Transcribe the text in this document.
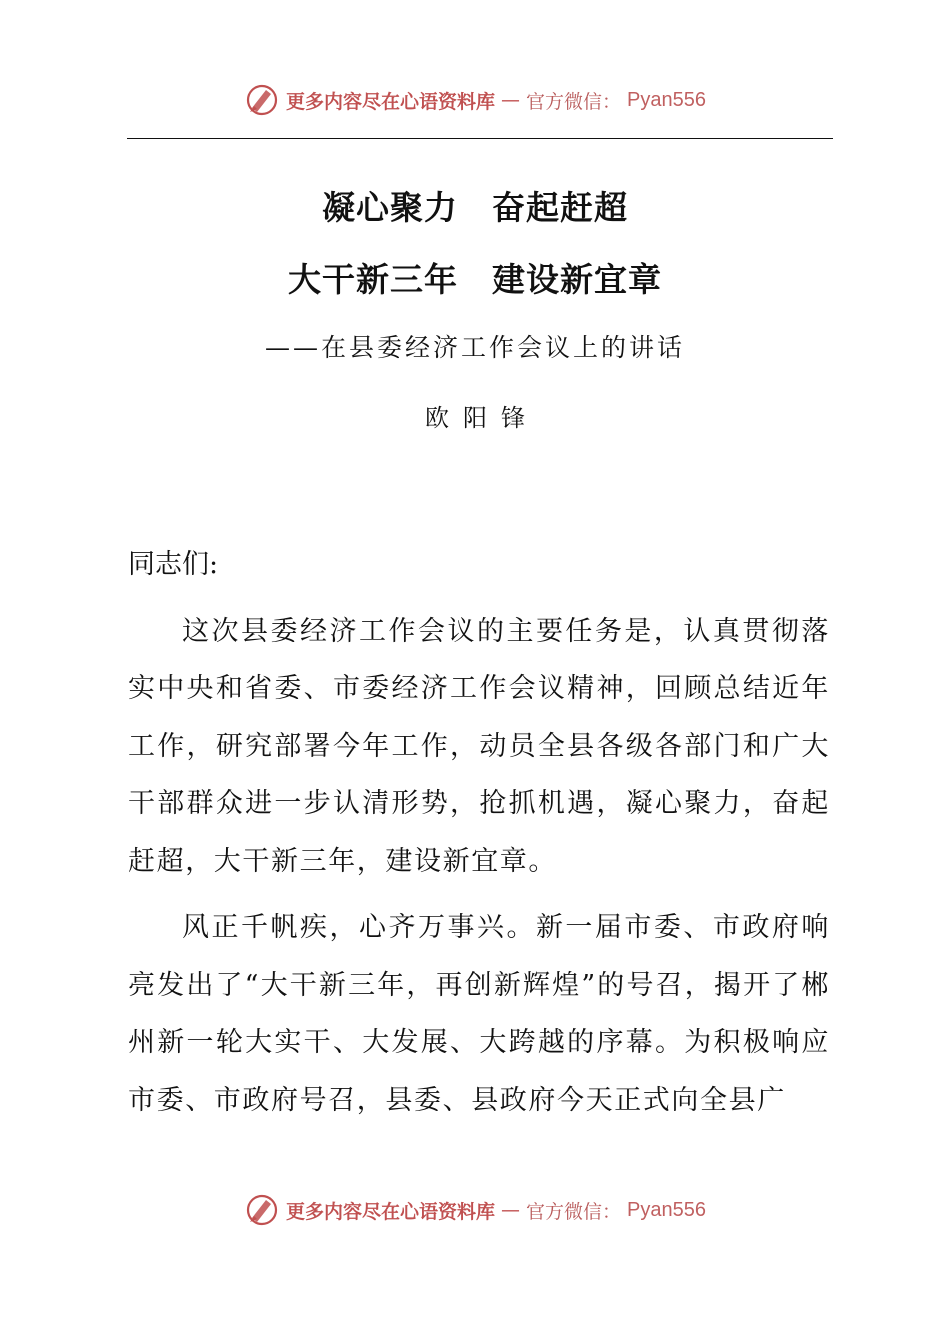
更多内容尽在心语资料库 — 官方微信： Pyan556
凝心聚力　奋起赶超
大干新三年　建设新宜章
——在县委经济工作会议上的讲话
欧阳锋

同志们:

这次县委经济工作会议的主要任务是，认真贯彻落实中央和省委、市委经济工作会议精神，回顾总结近年工作，研究部署今年工作，动员全县各级各部门和广大干部群众进一步认清形势，抢抓机遇，凝心聚力，奋起赶超，大干新三年，建设新宜章。

风正千帆疾，心齐万事兴。新一届市委、市政府响亮发出了“大干新三年，再创新辉煌”的号召，揭开了郴州新一轮大实干、大发展、大跨越的序幕。为积极响应市委、市政府号召，县委、县政府今天正式向全县广

更多内容尽在心语资料库 — 官方微信： Pyan556
